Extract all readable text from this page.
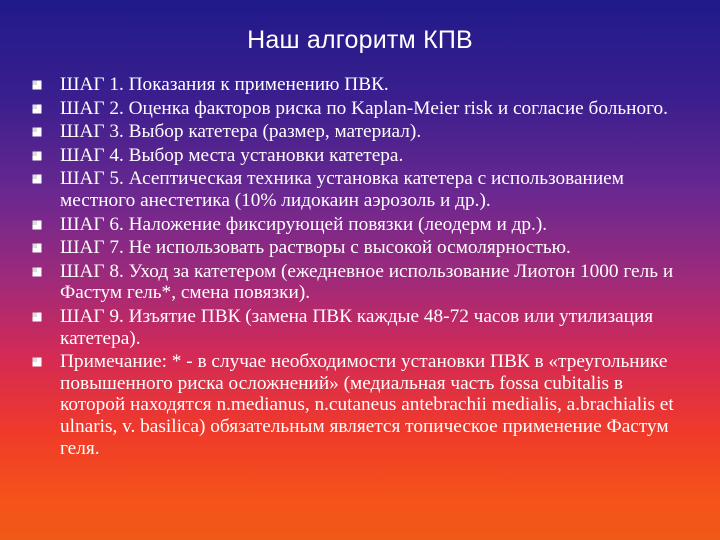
Наш алгоритм КПВ
ШАГ 1. Показания к применению ПВК.
ШАГ 2. Оценка факторов риска по Kaplan-Meier risk и согласие больного.
ШАГ 3. Выбор катетера (размер, материал).
ШАГ 4. Выбор места установки катетера.
ШАГ 5. Асептическая техника установка катетера с использованием местного анестетика (10% лидокаин аэрозоль и др.).
ШАГ 6. Наложение фиксирующей повязки (леодерм и др.).
ШАГ 7. Не использовать растворы с высокой осмолярностью.
ШАГ 8. Уход за катетером (ежедневное использование Лиотон 1000 гель и Фастум гель*, смена повязки).
ШАГ 9. Изъятие ПВК (замена ПВК каждые 48-72 часов или утилизация катетера).
Примечание: * - в случае необходимости установки ПВК в «треугольнике повышенного риска осложнений» (медиальная часть fossa cubitalis в которой находятся n.medianus, n.cutaneus antebrachii medialis, a.brachialis et ulnaris, v. basilica) обязательным является топическое применение Фастум геля.
